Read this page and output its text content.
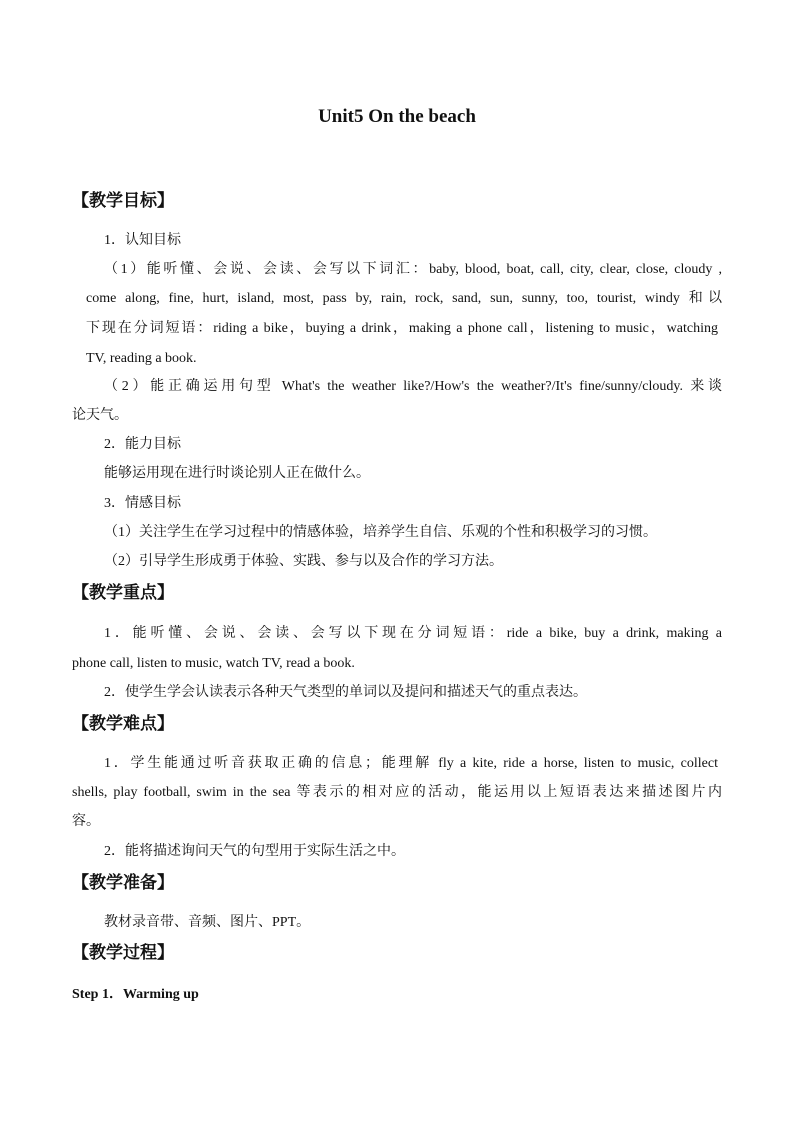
Unit5 On the beach
【教学目标】
1．认知目标
（1）能听懂、会说、会读、会写以下词汇：baby, blood, boat, call, city, clear, close, cloudy ,
come along, fine, hurt, island, most, pass by, rain, rock, sand, sun, sunny, too, tourist, windy 和以
下现在分词短语：riding a bike，buying a drink，making a phone call，listening to music，watching
TV, reading a book.
（2）能正确运用句型 What's the weather like?/How's the weather?/It's fine/sunny/cloudy. 来谈
论天气。
2．能力目标
能够运用现在进行时谈论别人正在做什么。
3．情感目标
（1）关注学生在学习过程中的情感体验，培养学生自信、乐观的个性和积极学习的习惯。
（2）引导学生形成勇于体验、实践、参与以及合作的学习方法。
【教学重点】
1．能听懂、会说、会读、会写以下现在分词短语：ride a bike, buy a drink, making a
phone call, listen to music, watch TV, read a book.
2．使学生学会认读表示各种天气类型的单词以及提问和描述天气的重点表达。
【教学难点】
1．学生能通过听音获取正确的信息；能理解 fly a kite, ride a horse, listen to music, collect
shells, play football, swim in the sea 等表示的相对应的活动，能运用以上短语表达来描述图片内
容。
2．能将描述询问天气的句型用于实际生活之中。
【教学准备】
教材录音带、音频、图片、PPT。
【教学过程】
Step 1．Warming up
